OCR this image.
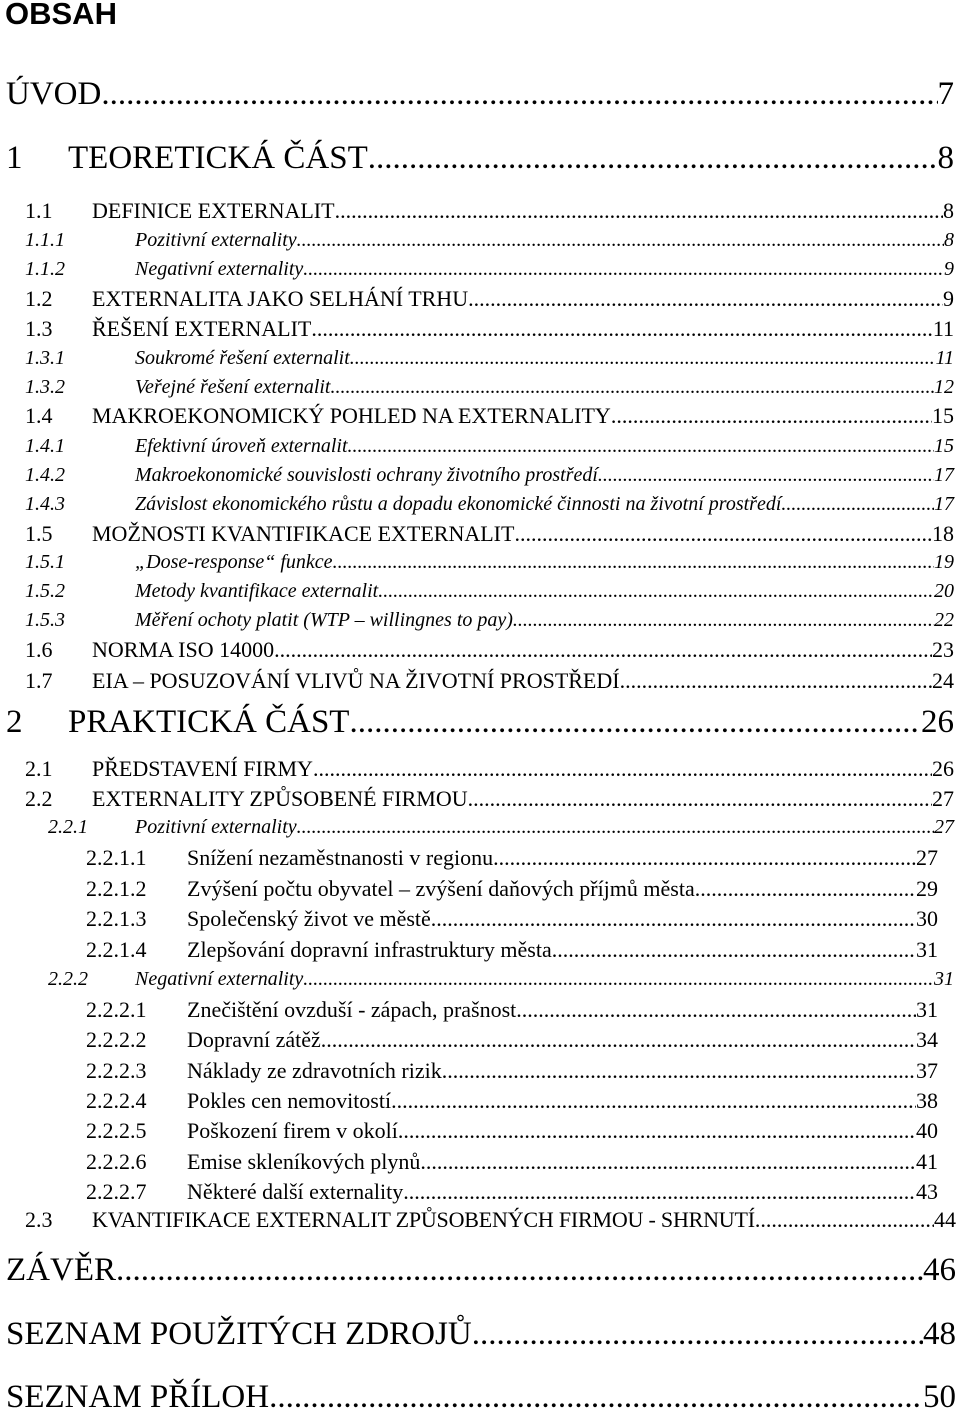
OBSAH
ÚVOD .....	7
1	TEORETICKÁ ČÁST .....	8
1.1	DEFINICE EXTERNALIT .....	8
1.1.1	Pozitivní externality .....	8
1.1.2	Negativní externality .....	9
1.2	EXTERNALITA JAKO SELHÁNÍ TRHU .....	9
1.3	ŘEŠENÍ EXTERNALIT .....	11
1.3.1	Soukromé řešení externalit .....	11
1.3.2	Veřejné řešení externalit .....	12
1.4	MAKROEKONOMICKÝ POHLED NA EXTERNALITY .....	15
1.4.1	Efektivní úroveň externalit .....	15
1.4.2	Makroekonomické souvislosti ochrany životního prostředí .....	17
1.4.3	Závislost ekonomického růstu a dopadu ekonomické činnosti na životní prostředí .....	17
1.5	MOŽNOSTI KVANTIFIKACE EXTERNALIT .....	18
1.5.1	„Dose-response“ funkce .....	19
1.5.2	Metody kvantifikace externalit .....	20
1.5.3	Měření ochoty platit (WTP – willingnes to pay) .....	22
1.6	NORMA ISO 14000 .....	23
1.7	EIA – POSUZOVÁNÍ VLIVŮ NA ŽIVOTNÍ PROSTŘEDÍ .....	24
2	PRAKTICKÁ ČÁST .....	26
2.1	PŘEDSTAVENÍ FIRMY .....	26
2.2	EXTERNALITY ZPŮSOBENÉ FIRMOU .....	27
2.2.1	Pozitivní externality .....	27
2.2.1.1	Snížení nezaměstnanosti v regionu .....	27
2.2.1.2	Zvýšení počtu obyvatel – zvýšení daňových příjmů města .....	29
2.2.1.3	Společenský život ve městě .....	30
2.2.1.4	Zlepšování dopravní infrastruktury města .....	31
2.2.2	Negativní externality .....	31
2.2.2.1	Znečištění ovzduší - zápach, prašnost .....	31
2.2.2.2	Dopravní zátěž .....	34
2.2.2.3	Náklady ze zdravotních rizik .....	37
2.2.2.4	Pokles cen nemovitostí .....	38
2.2.2.5	Poškození firem v okolí .....	40
2.2.2.6	Emise skleníkových plynů .....	41
2.2.2.7	Některé další externality .....	43
2.3	KVANTIFIKACE EXTERNALIT ZPŮSOBENÝCH FIRMOU - SHRNUTÍ .....	44
ZÁVĚR .....	46
SEZNAM POUŽITÝCH ZDROJŮ .....	48
SEZNAM PŘÍLOH .....	50
